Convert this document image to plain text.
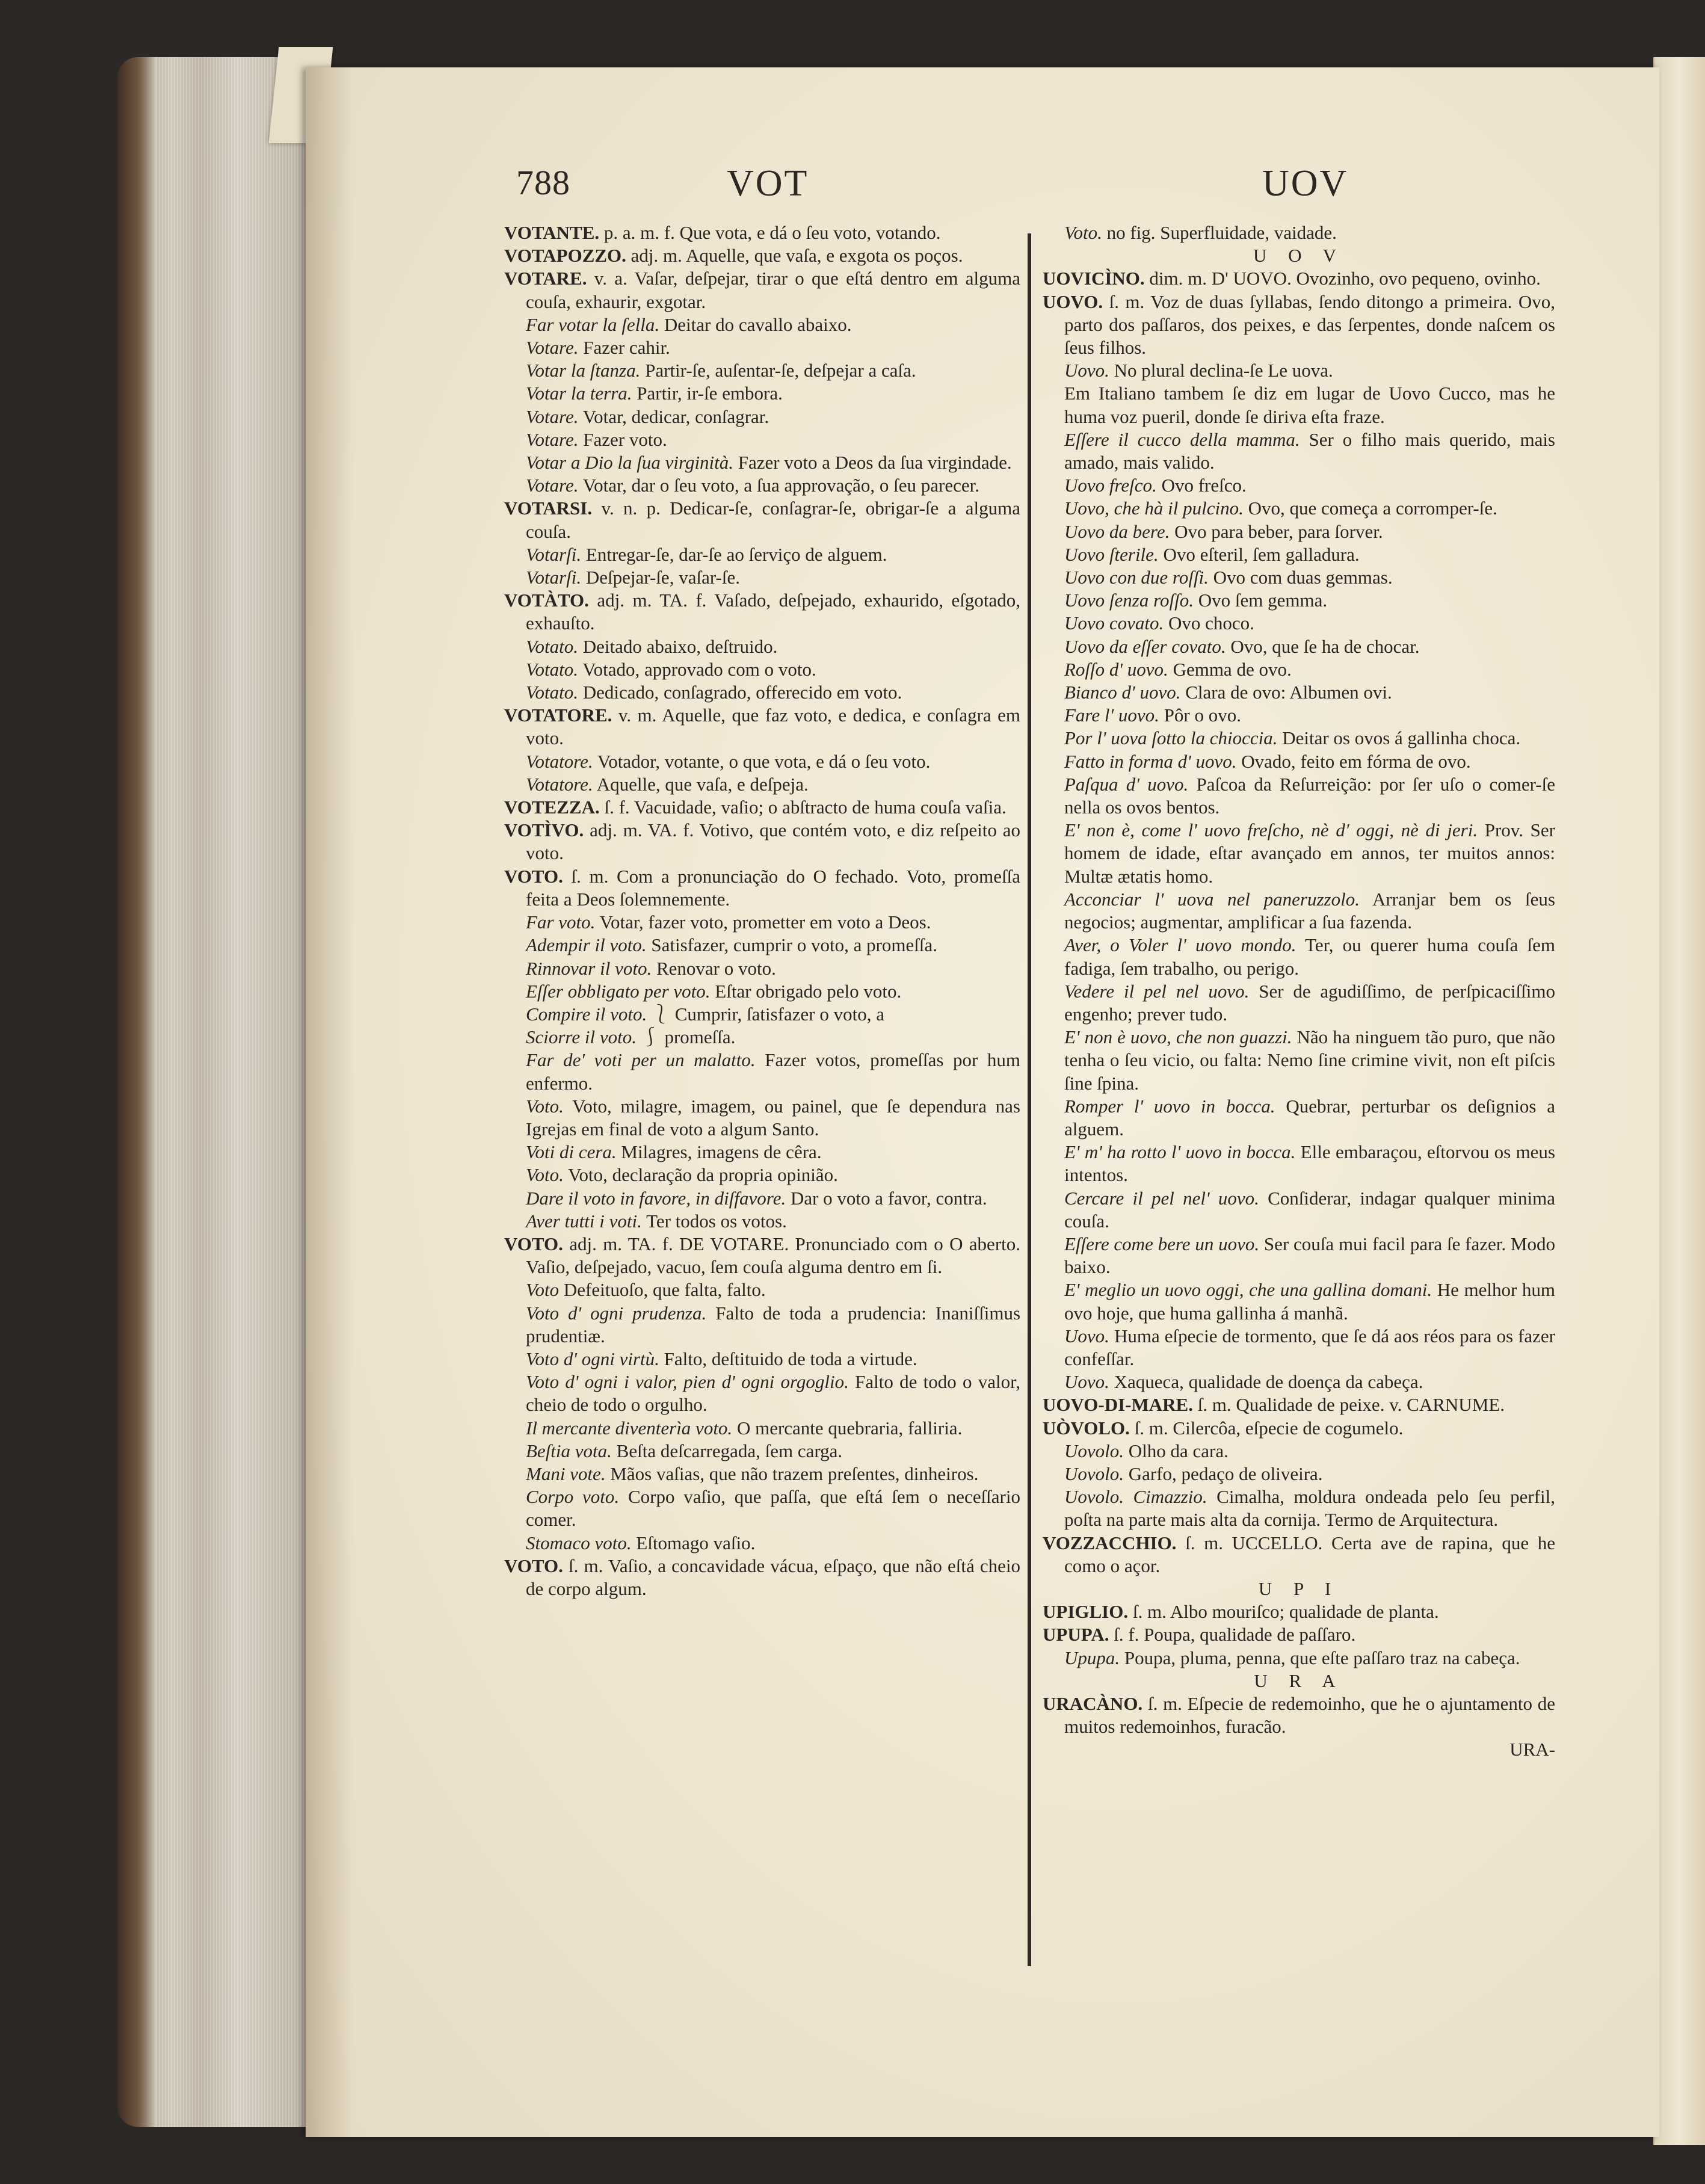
788	VOT	UOV

VOTANTE. p. a. m. f. Que vota, e dá o ſeu voto, votando.

VOTAPOZZO. adj. m. Aquelle, que vaſa, e exgota os poços.

VOTARE. v. a. Vaſar, deſpejar, tirar o que eſtá dentro em alguma couſa, exhaurir, exgotar.

Far votar la ſella. Deitar do cavallo abaixo.

Votare. Fazer cahir.

Votar la ſtanza. Partir-ſe, auſentar-ſe, deſpejar a caſa.

Votar la terra. Partir, ir-ſe embora.

Votare. Votar, dedicar, conſagrar.

Votare. Fazer voto.

Votar a Dio la ſua virginità. Fazer voto a Deos da ſua virgindade.

Votare. Votar, dar o ſeu voto, a ſua approvação, o ſeu parecer.

VOTARSI. v. n. p. Dedicar-ſe, conſagrar-ſe, obrigar-ſe a alguma couſa.

Votarſi. Entregar-ſe, dar-ſe ao ſerviço de alguem.

Votarſi. Deſpejar-ſe, vaſar-ſe.

VOTÀTO. adj. m. TA. f. Vaſado, deſpejado, exhaurido, eſgotado, exhauſto.

Votato. Deitado abaixo, deſtruido.

Votato. Votado, approvado com o voto.

Votato. Dedicado, conſagrado, offerecido em voto.

VOTATORE. v. m. Aquelle, que faz voto, e dedica, e conſagra em voto.

Votatore. Votador, votante, o que vota, e dá o ſeu voto.

Votatore. Aquelle, que vaſa, e deſpeja.

VOTEZZA. ſ. f. Vacuidade, vaſio; o abſtracto de huma couſa vaſia.

VOTÌVO. adj. m. VA. f. Votivo, que contém voto, e diz reſpeito ao voto.

VOTO. ſ. m. Com a pronunciação do O fechado. Voto, promeſſa feita a Deos ſolemnemente.

Far voto. Votar, fazer voto, prometter em voto a Deos.

Adempir il voto. Satisfazer, cumprir o voto, a promeſſa.

Rinnovar il voto. Renovar o voto.

Eſſer obbligato per voto. Eſtar obrigado pelo voto.

Compire il voto. ⎱ Cumprir, ſatisfazer o voto, a

Sciorre il voto. ⎰ promeſſa.

Far de' voti per un malatto. Fazer votos, promeſſas por hum enfermo.

Voto. Voto, milagre, imagem, ou painel, que ſe dependura nas Igrejas em final de voto a algum Santo.

Voti di cera. Milagres, imagens de cêra.

Voto. Voto, declaração da propria opinião.

Dare il voto in favore, in diſfavore. Dar o voto a favor, contra.

Aver tutti i voti. Ter todos os votos.

VOTO. adj. m. TA. f. DE VOTARE. Pronunciado com o O aberto. Vaſio, deſpejado, vacuo, ſem couſa alguma dentro em ſi.

Voto Defeituoſo, que falta, falto.

Voto d' ogni prudenza. Falto de toda a prudencia: Inaniſſimus prudentiæ.

Voto d' ogni virtù. Falto, deſtituido de toda a virtude.

Voto d' ogni i valor, pien d' ogni orgoglio. Falto de todo o valor, cheio de todo o orgulho.

Il mercante diventerìa voto. O mercante quebraria, falliria.

Beſtia vota. Beſta deſcarregada, ſem carga.

Mani vote. Mãos vaſias, que não trazem preſentes, dinheiros.

Corpo voto. Corpo vaſio, que paſſa, que eſtá ſem o neceſſario comer.

Stomaco voto. Eſtomago vaſio.

VOTO. ſ. m. Vaſio, a concavidade vácua, eſpaço, que não eſtá cheio de corpo algum.

Voto. no fig. Superfluidade, vaidade.

U O V

UOVICÌNO. dim. m. D' UOVO. Ovozinho, ovo pequeno, ovinho.

UOVO. ſ. m. Voz de duas ſyllabas, ſendo ditongo a primeira. Ovo, parto dos paſſaros, dos peixes, e das ſerpentes, donde naſcem os ſeus filhos.

Uovo. No plural declina-ſe Le uova.

Em Italiano tambem ſe diz em lugar de Uovo Cucco, mas he huma voz pueril, donde ſe diriva eſta fraze.

Eſſere il cucco della mamma. Ser o filho mais querido, mais amado, mais valido.

Uovo freſco. Ovo freſco.

Uovo, che hà il pulcino. Ovo, que começa a corromper-ſe.

Uovo da bere. Ovo para beber, para ſorver.

Uovo ſterile. Ovo eſteril, ſem galladura.

Uovo con due roſſi. Ovo com duas gemmas.

Uovo ſenza roſſo. Ovo ſem gemma.

Uovo covato. Ovo choco.

Uovo da eſſer covato. Ovo, que ſe ha de chocar.

Roſſo d' uovo. Gemma de ovo.

Bianco d' uovo. Clara de ovo: Albumen ovi.

Fare l' uovo. Pôr o ovo.

Por l' uova ſotto la chioccia. Deitar os ovos á gallinha choca.

Fatto in forma d' uovo. Ovado, feito em fórma de ovo.

Paſqua d' uovo. Paſcoa da Reſurreição: por ſer uſo o comer-ſe nella os ovos bentos.

E' non è, come l' uovo freſcho, nè d' oggi, nè di jeri. Prov. Ser homem de idade, eſtar avançado em annos, ter muitos annos: Multæ ætatis homo.

Acconciar l' uova nel paneruzzolo. Arranjar bem os ſeus negocios; augmentar, amplificar a ſua fazenda.

Aver, o Voler l' uovo mondo. Ter, ou querer huma couſa ſem fadiga, ſem trabalho, ou perigo.

Vedere il pel nel uovo. Ser de agudiſſimo, de perſpicaciſſimo engenho; prever tudo.

E' non è uovo, che non guazzi. Não ha ninguem tão puro, que não tenha o ſeu vicio, ou falta: Nemo ſine crimine vivit, non eſt piſcis ſine ſpina.

Romper l' uovo in bocca. Quebrar, perturbar os deſignios a alguem.

E' m' ha rotto l' uovo in bocca. Elle embaraçou, eſtorvou os meus intentos.

Cercare il pel nel' uovo. Conſiderar, indagar qualquer minima couſa.

Eſſere come bere un uovo. Ser couſa mui facil para ſe fazer. Modo baixo.

E' meglio un uovo oggi, che una gallina domani. He melhor hum ovo hoje, que huma gallinha á manhã.

Uovo. Huma eſpecie de tormento, que ſe dá aos réos para os fazer confeſſar.

Uovo. Xaqueca, qualidade de doença da cabeça.

UOVO-DI-MARE. ſ. m. Qualidade de peixe. v. CARNUME.

UÒVOLO. ſ. m. Cilercôa, eſpecie de cogumelo.

Uovolo. Olho da cara.

Uovolo. Garfo, pedaço de oliveira.

Uovolo. Cimazzio. Cimalha, moldura ondeada pelo ſeu perfil, poſta na parte mais alta da cornija. Termo de Arquitectura.

VOZZACCHIO. ſ. m. UCCELLO. Certa ave de rapina, que he como o açor.

U P I

UPIGLIO. ſ. m. Albo mouriſco; qualidade de planta.

UPUPA. ſ. f. Poupa, qualidade de paſſaro.

Upupa. Poupa, pluma, penna, que eſte paſſaro traz na cabeça.

U R A

URACÀNO. ſ. m. Eſpecie de redemoinho, que he o ajuntamento de muitos redemoinhos, furacão.

URA-
